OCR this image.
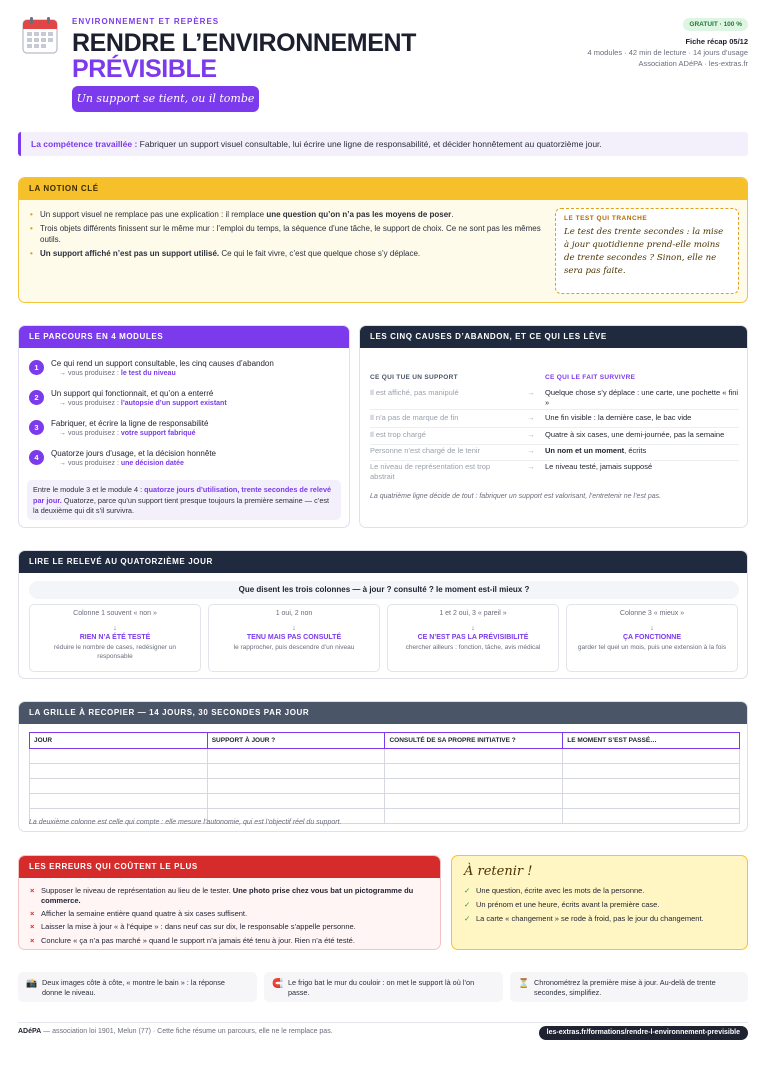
ENVIRONNEMENT ET REPÈRES
RENDRE L’ENVIRONNEMENT
PRÉVISIBLE
Un support se tient, ou il tombe
GRATUIT · 100 %
Fiche récap 05/12
4 modules · 42 min de lecture · 14 jours d’usage
Association ADéPA · les-extras.fr
La compétence travaillée : Fabriquer un support visuel consultable, lui écrire une ligne de responsabilité, et décider honnêtement au quatorzième jour.
LA NOTION CLÉ
• Un support visuel ne remplace pas une explication : il remplace une question qu’on n’a pas les moyens de poser.
• Trois objets différents finissent sur le même mur : l’emploi du temps, la séquence d’une tâche, le support de choix. Ce ne sont pas les mêmes outils.
• Un support affiché n’est pas un support utilisé. Ce qui le fait vivre, c’est que quelque chose s’y déplace.
LE TEST QUI TRANCHE
Le test des trente secondes : la mise à jour quotidienne prend-elle moins de trente secondes ? Sinon, elle ne sera pas faite.
LE PARCOURS EN 4 MODULES
1	Ce qui rend un support consultable, les cinq causes d’abandon
→ vous produisez : le test du niveau
2	Un support qui fonctionnait, et qu’on a enterré
→ vous produisez : l’autopsie d’un support existant
3	Fabriquer, et écrire la ligne de responsabilité
→ vous produisez : votre support fabriqué
4	Quatorze jours d’usage, et la décision honnête
→ vous produisez : une décision datée
Entre le module 3 et le module 4 : quatorze jours d’utilisation, trente secondes de relevé par jour. Quatorze, parce qu’un support tient presque toujours la première semaine — c’est la deuxième qui dit s’il survivra.
LES CINQ CAUSES D’ABANDON, ET CE QUI LES LÈVE
CE QUI TUE UN SUPPORT	CE QUI LE FAIT SURVIVRE
Il est affiché, pas manipulé	→ Quelque chose s’y déplace : une carte, une pochette « fini »
Il n’a pas de marque de fin	→ Une fin visible : la dernière case, le bac vide
Il est trop chargé	→ Quatre à six cases, une demi-journée, pas la semaine
Personne n’est chargé de le tenir	→ Un nom et un moment, écrits
Le niveau de représentation est trop abstrait
→ Le niveau testé, jamais supposé
La quatrième ligne décide de tout : fabriquer un support est valorisant, l’entretenir ne l’est pas.
LIRE LE RELEVÉ AU QUATORZIÈME JOUR
Que disent les trois colonnes — à jour ? consulté ? le moment est-il mieux ?
Colonne 1 souvent « non »
↓
RIEN N’A ÉTÉ TESTÉ
réduire le nombre de cases, redésigner un responsable
1 oui, 2 non
↓
TENU MAIS PAS CONSULTÉ
le rapprocher, puis descendre d’un niveau
1 et 2 oui, 3 « pareil »
↓
CE N’EST PAS LA PRÉVISIBILITÉ
chercher ailleurs : fonction, tâche, avis médical
Colonne 3 « mieux »
↓
ÇA FONCTIONNE
garder tel quel un mois, puis une extension à la fois
LA GRILLE À RECOPIER — 14 JOURS, 30 SECONDES PAR JOUR
JOUR	SUPPORT À JOUR ?	CONSULTÉ DE SA PROPRE INITIATIVE ?	LE MOMENT S’EST PASSÉ…

La deuxième colonne est celle qui compte : elle mesure l’autonomie, qui est l’objectif réel du support.
LES ERREURS QUI COÛTENT LE PLUS
× Supposer le niveau de représentation au lieu de le tester. Une photo prise chez vous bat un pictogramme du commerce.
× Afficher la semaine entière quand quatre à six cases suffisent.
× Laisser la mise à jour « à l’équipe » : dans neuf cas sur dix, le responsable s’appelle personne.
× Conclure « ça n’a pas marché » quand le support n’a jamais été tenu à jour. Rien n’a été testé.
À retenir !
✓ Une question, écrite avec les mots de la personne.
✓ Un prénom et une heure, écrits avant la première case.
✓ La carte « changement » se rode à froid, pas le jour du changement.
📸 Deux images côte à côte, « montre le bain » : la réponse donne le niveau.
🧲 Le frigo bat le mur du couloir : on met le support là où l’on passe.
⏳ Chronométrez la première mise à jour. Au-delà de trente secondes, simplifiez.
ADéPA — association loi 1901, Melun (77) · Cette fiche résume un parcours, elle ne le remplace pas.	les-extras.fr/formations/rendre-l-environnement-previsible
